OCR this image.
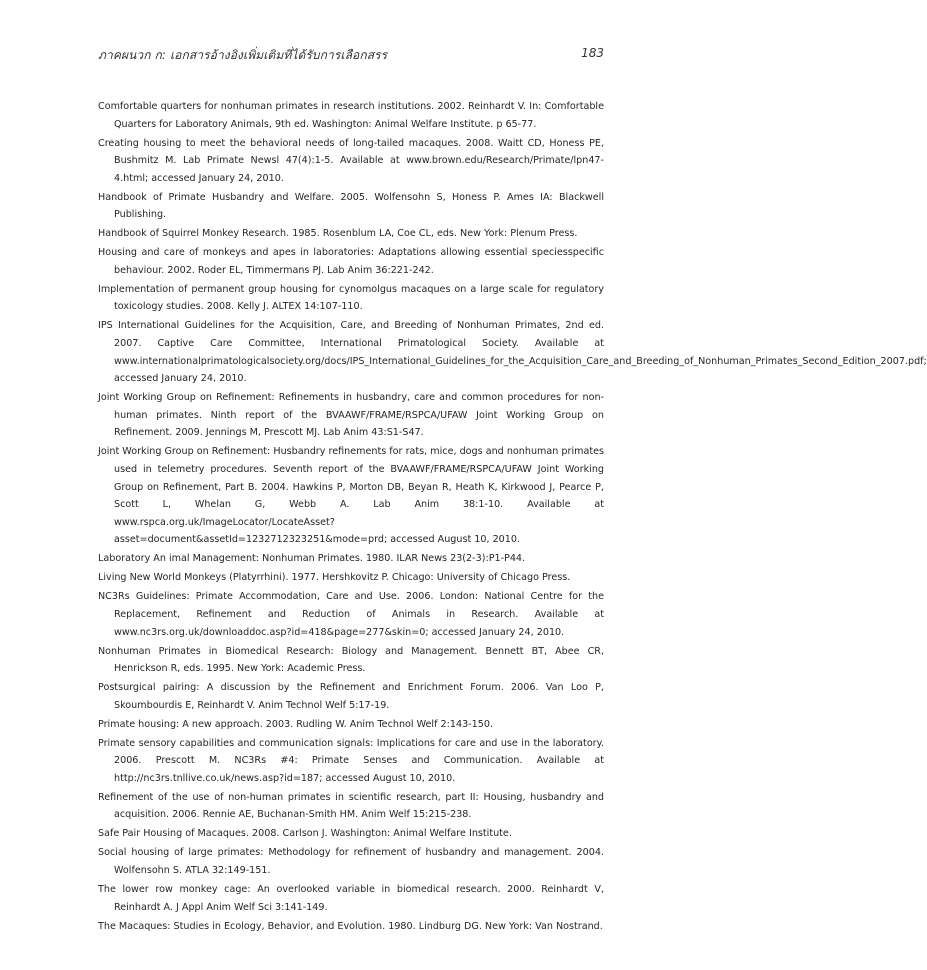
ภาคผนวก ก: เอกสารอ้างอิงเพิ่มเติมที่ได้รับการเลือกสรร	183
Comfortable quarters for nonhuman primates in research institutions. 2002. Reinhardt V. In: Comfortable Quarters for Laboratory Animals, 9th ed. Washington: Animal Welfare Institute. p 65-77.
Creating housing to meet the behavioral needs of long-tailed macaques. 2008. Waitt CD, Honess PE, Bushmitz M. Lab Primate Newsl 47(4):1-5. Available at www.brown.edu/Research/Primate/lpn47-4.html; accessed January 24, 2010.
Handbook of Primate Husbandry and Welfare. 2005. Wolfensohn S, Honess P. Ames IA: Blackwell Publishing.
Handbook of Squirrel Monkey Research. 1985. Rosenblum LA, Coe CL, eds. New York: Plenum Press.
Housing and care of monkeys and apes in laboratories: Adaptations allowing essential speciesspecific behaviour. 2002. Roder EL, Timmermans PJ. Lab Anim 36:221-242.
Implementation of permanent group housing for cynomolgus macaques on a large scale for regulatory toxicology studies. 2008. Kelly J. ALTEX 14:107-110.
IPS International Guidelines for the Acquisition, Care, and Breeding of Nonhuman Primates, 2nd ed. 2007. Captive Care Committee, International Primatological Society. Available at www.internationalprimatologicalsociety.org/docs/IPS_International_Guidelines_for_the_Acquisition_Care_and_Breeding_of_Nonhuman_Primates_Second_Edition_2007.pdf; accessed January 24, 2010.
Joint Working Group on Refinement: Refinements in husbandry, care and common procedures for non-human primates. Ninth report of the BVAAWF/FRAME/RSPCA/UFAW Joint Working Group on Refinement. 2009. Jennings M, Prescott MJ. Lab Anim 43:S1-S47.
Joint Working Group on Refinement: Husbandry refinements for rats, mice, dogs and nonhuman primates used in telemetry procedures. Seventh report of the BVAAWF/FRAME/RSPCA/UFAW Joint Working Group on Refinement, Part B. 2004. Hawkins P, Morton DB, Beyan R, Heath K, Kirkwood J, Pearce P, Scott L, Whelan G, Webb A. Lab Anim 38:1-10. Available at www.rspca.org.uk/ImageLocator/LocateAsset?asset=document&assetId=1232712323251&mode=prd; accessed August 10, 2010.
Laboratory An imal Management: Nonhuman Primates. 1980. ILAR News 23(2-3):P1-P44.
Living New World Monkeys (Platyrrhini). 1977. Hershkovitz P. Chicago: University of Chicago Press.
NC3Rs Guidelines: Primate Accommodation, Care and Use. 2006. London: National Centre for the Replacement, Refinement and Reduction of Animals in Research. Available at www.nc3rs.org.uk/downloaddoc.asp?id=418&page=277&skin=0; accessed January 24, 2010.
Nonhuman Primates in Biomedical Research: Biology and Management. Bennett BT, Abee CR, Henrickson R, eds. 1995. New York: Academic Press.
Postsurgical pairing: A discussion by the Refinement and Enrichment Forum. 2006. Van Loo P, Skoumbourdis E, Reinhardt V. Anim Technol Welf 5:17-19.
Primate housing: A new approach. 2003. Rudling W. Anim Technol Welf 2:143-150.
Primate sensory capabilities and communication signals: Implications for care and use in the laboratory. 2006. Prescott M. NC3Rs #4: Primate Senses and Communication. Available at http://nc3rs.tnllive.co.uk/news.asp?id=187; accessed August 10, 2010.
Refinement of the use of non-human primates in scientific research, part II: Housing, husbandry and acquisition. 2006. Rennie AE, Buchanan-Smith HM. Anim Welf 15:215-238.
Safe Pair Housing of Macaques. 2008. Carlson J. Washington: Animal Welfare Institute.
Social housing of large primates: Methodology for refinement of husbandry and management. 2004. Wolfensohn S. ATLA 32:149-151.
The lower row monkey cage: An overlooked variable in biomedical research. 2000. Reinhardt V, Reinhardt A. J Appl Anim Welf Sci 3:141-149.
The Macaques: Studies in Ecology, Behavior, and Evolution. 1980. Lindburg DG. New York: Van Nostrand.
